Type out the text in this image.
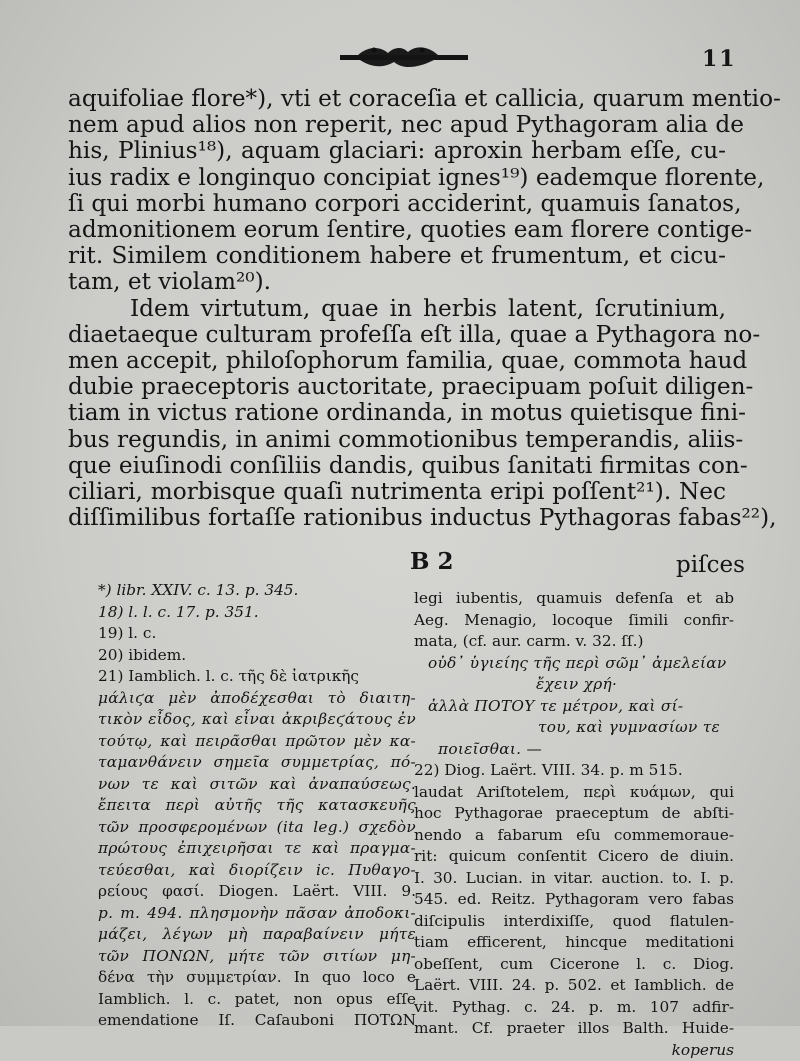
11

aquifoliae flore*), vti et coraceſia et callicia, quarum mentio-
nem apud alios non reperit, nec apud Pythagoram alia de
his, Plinius¹⁸), aquam glaciari: aproxin herbam eſſe, cu-
ius radix e longinquo concipiat ignes¹⁹) eademque florente,
ſi qui morbi humano corpori acciderint, quamuis ſanatos,
admonitionem eorum ſentire, quoties eam florere contige-
rit. Similem conditionem habere et frumentum, et cicu-
tam, et violam²⁰).

Idem virtutum, quae in herbis latent, ſcrutinium,
diaetaeque culturam profeſſa eſt illa, quae a Pythagora no-
men accepit, philoſophorum familia, quae, commota haud
dubie praeceptoris auctoritate, praecipuam poſuit diligen-
tiam in victus ratione ordinanda, in motus quietisque fini-
bus regundis, in animi commotionibus temperandis, aliis-
que eiuſinodi conſiliis dandis, quibus ſanitati firmitas con-
ciliari, morbisque quaſi nutrimenta eripi poſſent²¹). Nec
diſſimilibus fortaſſe rationibus inductus Pythagoras fabas²²),

B 2	piſces
*) libr. XXIV. c. 13. p. 345.
18) l. l. c. 17. p. 351.
19) l. c.
20) ibidem.
21) Iamblich. l. c. τῆς δὲ ἰατρικῆς
μάλιϛα μὲν ἀποδέχεσθαι τὸ διαιτη-
τικὸν εἶδος, καὶ εἶναι ἀκριβεϛάτους ἐν
τούτῳ, καὶ πειρᾶσθαι πρῶτον μὲν κα-
ταμανθάνειν σημεῖα συμμετρίας, πό-
νων τε καὶ σιτῶν καὶ ἀναπαύσεως.
ἔπειτα περὶ αὐτῆς τῆς κατασκευῆς
τῶν προσφερομένων (ita leg.) σχεδὸν
πρώτους ἐπιχειρῆσαι τε καὶ πραγμα-
τεύεσθαι, καὶ διορίζειν ic. Πυθαγο-
ρείους φασί. Diogen. Laërt. VIII. 9.
p. m. 494. πλησμονὴν πᾶσαν ἀποδοκι-
μάζει, λέγων μὴ παραβαίνειν μήτε
τῶν ΠΟΝΩΝ, μήτε τῶν σιτίων μη-
δένα τὴν συμμετρίαν. In quo loco e
Iamblich. l. c. patet, non opus eſſe
emendatione Iſ. Caſauboni ΠΟΤΩΝ
legi iubentis, quamuis defenſa et ab
Aeg. Menagio, locoque ſimili confir-
mata, (cf. aur. carm. v. 32. ſſ.)
οὐδ᾽ ὑγιείης τῆς περὶ σῶμ᾽ ἀμελείαν
ἔχειν χρή·
ἀλλὰ ΠΟΤΟΥ τε μέτρον, καὶ σί-
του, καὶ γυμνασίων τε
ποιεῖσθαι. —
22) Diog. Laërt. VIII. 34. p. m 515.
laudat Ariſtotelem, περὶ κυάμων, qui
hoc Pythagorae praeceptum de abſti-
nendo a fabarum eſu commemoraue-
rit: quicum conſentit Cicero de diuin.
I. 30. Lucian. in vitar. auction. to. I. p.
545. ed. Reitz. Pythagoram vero fabas
diſcipulis interdixiſſe, quod flatulen-
tiam efficerent, hincque meditationi
obeſſent, cum Cicerone l. c. Diog.
Laërt. VIII. 24. p. 502. et Iamblich. de
vit. Pythag. c. 24. p. m. 107 adfir-
mant. Cf. praeter illos Balth. Huide-
koperus
